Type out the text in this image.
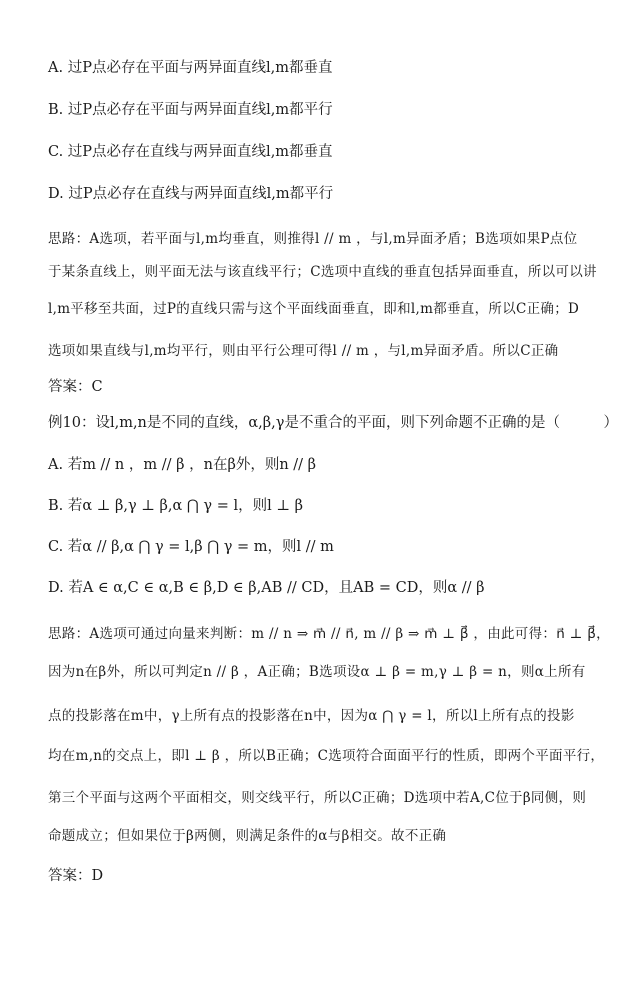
A. 过P点必存在平面与两异面直线l,m都垂直
B. 过P点必存在平面与两异面直线l,m都平行
C. 过P点必存在直线与两异面直线l,m都垂直
D. 过P点必存在直线与两异面直线l,m都平行
思路：A选项，若平面与l,m均垂直，则推得l // m ，与l,m异面矛盾；B选项如果P点位
于某条直线上，则平面无法与该直线平行；C选项中直线的垂直包括异面垂直，所以可以讲
l,m平移至共面，过P的直线只需与这个平面线面垂直，即和l,m都垂直，所以C正确；D
选项如果直线与l,m均平行，则由平行公理可得l // m ，与l,m异面矛盾。所以C正确
答案：C
例10：设l,m,n是不同的直线，α,β,γ是不重合的平面，则下列命题不正确的是（　　　）
A. 若m // n ，m // β ，n在β外，则n // β
B. 若α ⊥ β,γ ⊥ β,α ⋂ γ = l，则l ⊥ β
C. 若α // β,α ⋂ γ = l,β ⋂ γ = m，则l // m
D. 若A ∈ α,C ∈ α,B ∈ β,D ∈ β,AB // CD，且AB = CD，则α // β
思路：A选项可通过向量来判断：m // n ⇒ m⃗ // n⃗, m // β ⇒ m⃗ ⊥ β⃗ ，由此可得：n⃗ ⊥ β⃗，
因为n在β外，所以可判定n // β ，A正确；B选项设α ⊥ β = m,γ ⊥ β = n，则α上所有
点的投影落在m中，γ上所有点的投影落在n中，因为α ⋂ γ = l，所以l上所有点的投影
均在m,n的交点上，即l ⊥ β ，所以B正确；C选项符合面面平行的性质，即两个平面平行，
第三个平面与这两个平面相交，则交线平行，所以C正确；D选项中若A,C位于β同侧，则
命题成立；但如果位于β两侧，则满足条件的α与β相交。故不正确
答案：D
